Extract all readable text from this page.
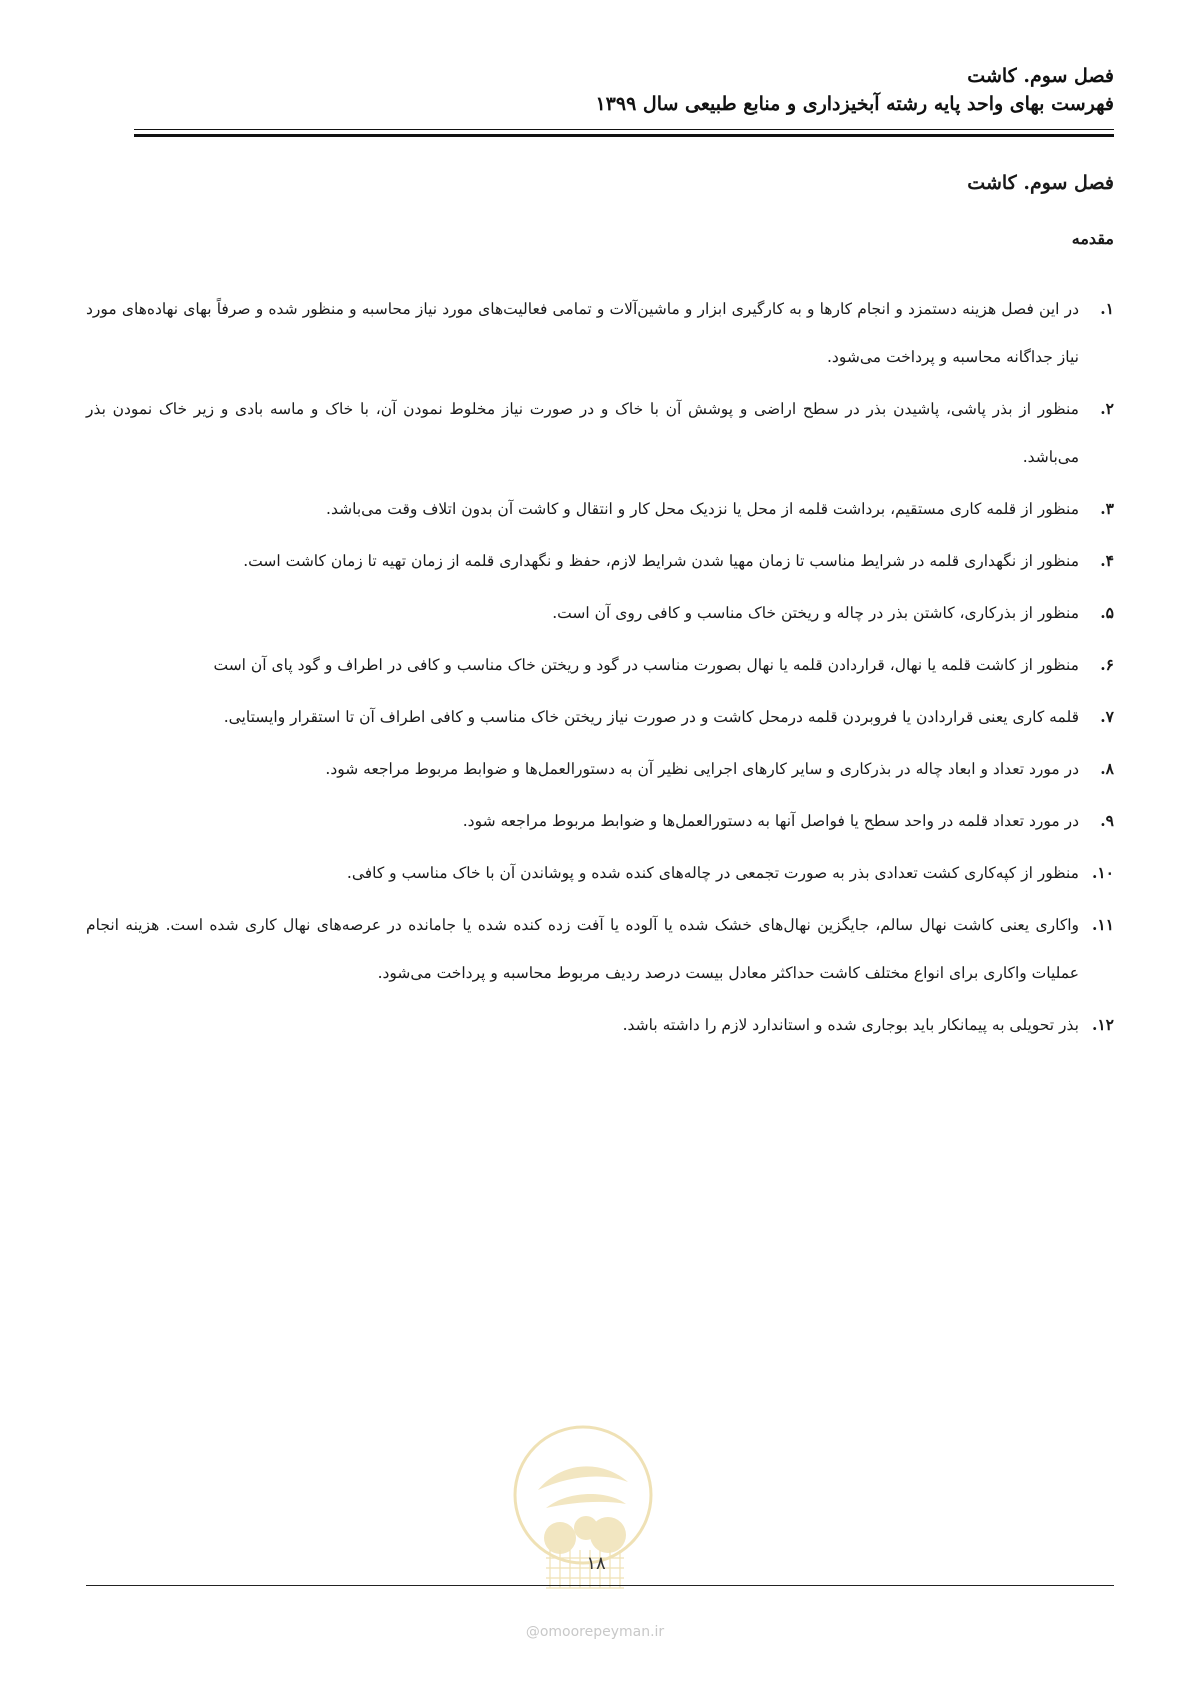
فصل سوم. کاشت
فهرست بهای واحد پایه رشته آبخیزداری و منابع طبیعی سال ۱۳۹۹
فصل سوم. کاشت
مقدمه
۱.
در این فصل هزینه دستمزد و انجام کارها و به کارگیری ابزار و ماشین‌آلات و تمامی فعالیت‌های مورد نیاز محاسبه و منظور شده و صرفاً بهای نهاده‌های مورد نیاز جداگانه محاسبه و پرداخت می‌شود.
۲.
منظور از بذر پاشی، پاشیدن بذر در سطح اراضی و پوشش آن با خاک و در صورت نیاز مخلوط نمودن آن، با خاک و ماسه بادی و زیر خاک نمودن بذر می‌باشد.
۳.
منظور از قلمه کاری مستقیم، برداشت قلمه از محل یا نزدیک محل کار و انتقال و کاشت آن بدون اتلاف وقت می‌باشد.
۴.
منظور از نگهداری قلمه در شرایط مناسب تا زمان مهیا شدن شرایط لازم، حفظ و نگهداری قلمه از زمان تهیه تا زمان کاشت است.
۵.
منظور از بذرکاری، کاشتن بذر در چاله و ریختن خاک مناسب و کافی روی آن است.
۶.
منظور از کاشت قلمه یا نهال، قراردادن قلمه یا نهال بصورت مناسب در گود و ریختن خاک مناسب و کافی در اطراف و گود پای آن است
۷.
قلمه کاری یعنی قراردادن یا فروبردن قلمه درمحل کاشت و در صورت نیاز ریختن خاک مناسب و کافی اطراف آن تا استقرار وایستایی.
۸.
در مورد تعداد و ابعاد چاله در بذرکاری و سایر کارهای اجرایی نظیر آن به دستورالعمل‌ها و ضوابط مربوط مراجعه شود.
۹.
در مورد تعداد قلمه در واحد سطح یا فواصل آنها به دستورالعمل‌ها و ضوابط مربوط مراجعه شود.
۱۰.
منظور از کپه‌کاری کشت تعدادی بذر به صورت تجمعی در چاله‌های کنده شده و پوشاندن آن با خاک مناسب و کافی.
۱۱.
واکاری یعنی کاشت نهال سالم، جایگزین نهال‌های خشک شده یا آلوده یا آفت زده کنده شده یا جامانده در عرصه‌های نهال کاری شده است. هزینه انجام عملیات واکاری برای انواع مختلف کاشت حداکثر معادل بیست درصد ردیف مربوط محاسبه و پرداخت می‌شود.
۱۲.
بذر تحویلی به پیمانکار باید بوجاری شده و استاندارد لازم را داشته باشد.
۱۸
@omoorepeyman.ir
